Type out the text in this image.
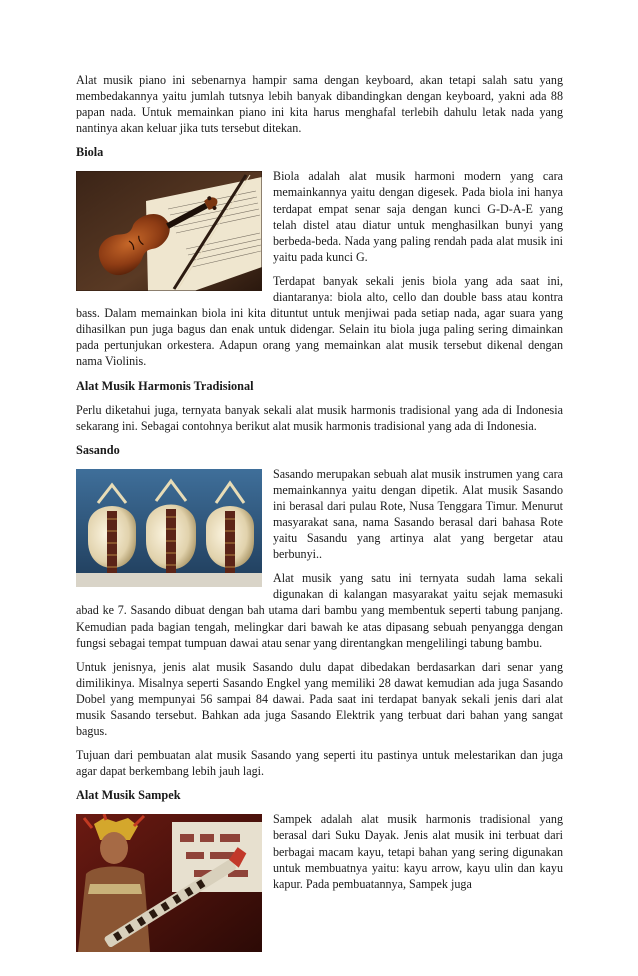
Alat musik piano ini sebenarnya hampir sama dengan keyboard, akan tetapi salah satu yang membedakannya yaitu jumlah tutsnya lebih banyak dibandingkan dengan keyboard, yakni ada 88 papan nada. Untuk memainkan piano ini kita harus menghafal terlebih dahulu letak nada yang nantinya akan keluar jika tuts tersebut ditekan.

Biola

Biola adalah alat musik harmoni modern yang cara memainkannya yaitu dengan digesek. Pada biola ini hanya terdapat empat senar saja dengan kunci G-D-A-E yang telah distel atau diatur untuk menghasilkan bunyi yang berbeda-beda. Nada yang paling rendah pada alat musik ini yaitu pada kunci G.

Terdapat banyak sekali jenis biola yang ada saat ini, diantaranya: biola alto, cello dan double bass atau kontra bass. Dalam memainkan biola ini kita dituntut untuk menjiwai pada setiap nada, agar suara yang dihasilkan pun juga bagus dan enak untuk didengar. Selain itu biola juga paling sering dimainkan pada pertunjukan orkestera. Adapun orang yang memainkan alat musik tersebut dikenal dengan nama Violinis.

Alat Musik Harmonis Tradisional

Perlu diketahui juga, ternyata banyak sekali alat musik harmonis tradisional yang ada di Indonesia sekarang ini. Sebagai contohnya berikut alat musik harmonis tradisional yang ada di Indonesia.

Sasando

Sasando merupakan sebuah alat musik instrumen yang cara memainkannya yaitu dengan dipetik. Alat musik Sasando ini berasal dari pulau Rote, Nusa Tenggara Timur. Menurut masyarakat sana, nama Sasando berasal dari bahasa Rote yaitu Sasandu yang artinya alat yang bergetar atau berbunyi..

Alat musik yang satu ini ternyata sudah lama sekali digunakan di kalangan masyarakat yaitu sejak memasuki abad ke 7. Sasando dibuat dengan bah utama dari bambu yang membentuk seperti tabung panjang. Kemudian pada bagian tengah, melingkar dari bawah ke atas dipasang sebuah penyangga dengan fungsi sebagai tempat tumpuan dawai atau senar yang direntangkan mengelilingi tabung bambu.

Untuk jenisnya, jenis alat musik Sasando dulu dapat dibedakan berdasarkan dari senar yang dimilikinya. Misalnya seperti Sasando Engkel yang memiliki 28 dawat kemudian ada juga Sasando Dobel yang mempunyai 56 sampai 84 dawai. Pada saat ini terdapat banyak sekali jenis dari alat musik Sasando tersebut. Bahkan ada juga Sasando Elektrik yang terbuat dari bahan yang sangat bagus.

Tujuan dari pembuatan alat musik Sasando yang seperti itu pastinya untuk melestarikan dan juga agar dapat berkembang lebih jauh lagi.

Alat Musik Sampek

Sampek adalah alat musik harmonis tradisional yang berasal dari Suku Dayak. Jenis alat musik ini terbuat dari berbagai macam kayu, tetapi bahan yang sering digunakan untuk membuatnya yaitu: kayu arrow, kayu ulin dan kayu kapur. Pada pembuatannya, Sampek juga
